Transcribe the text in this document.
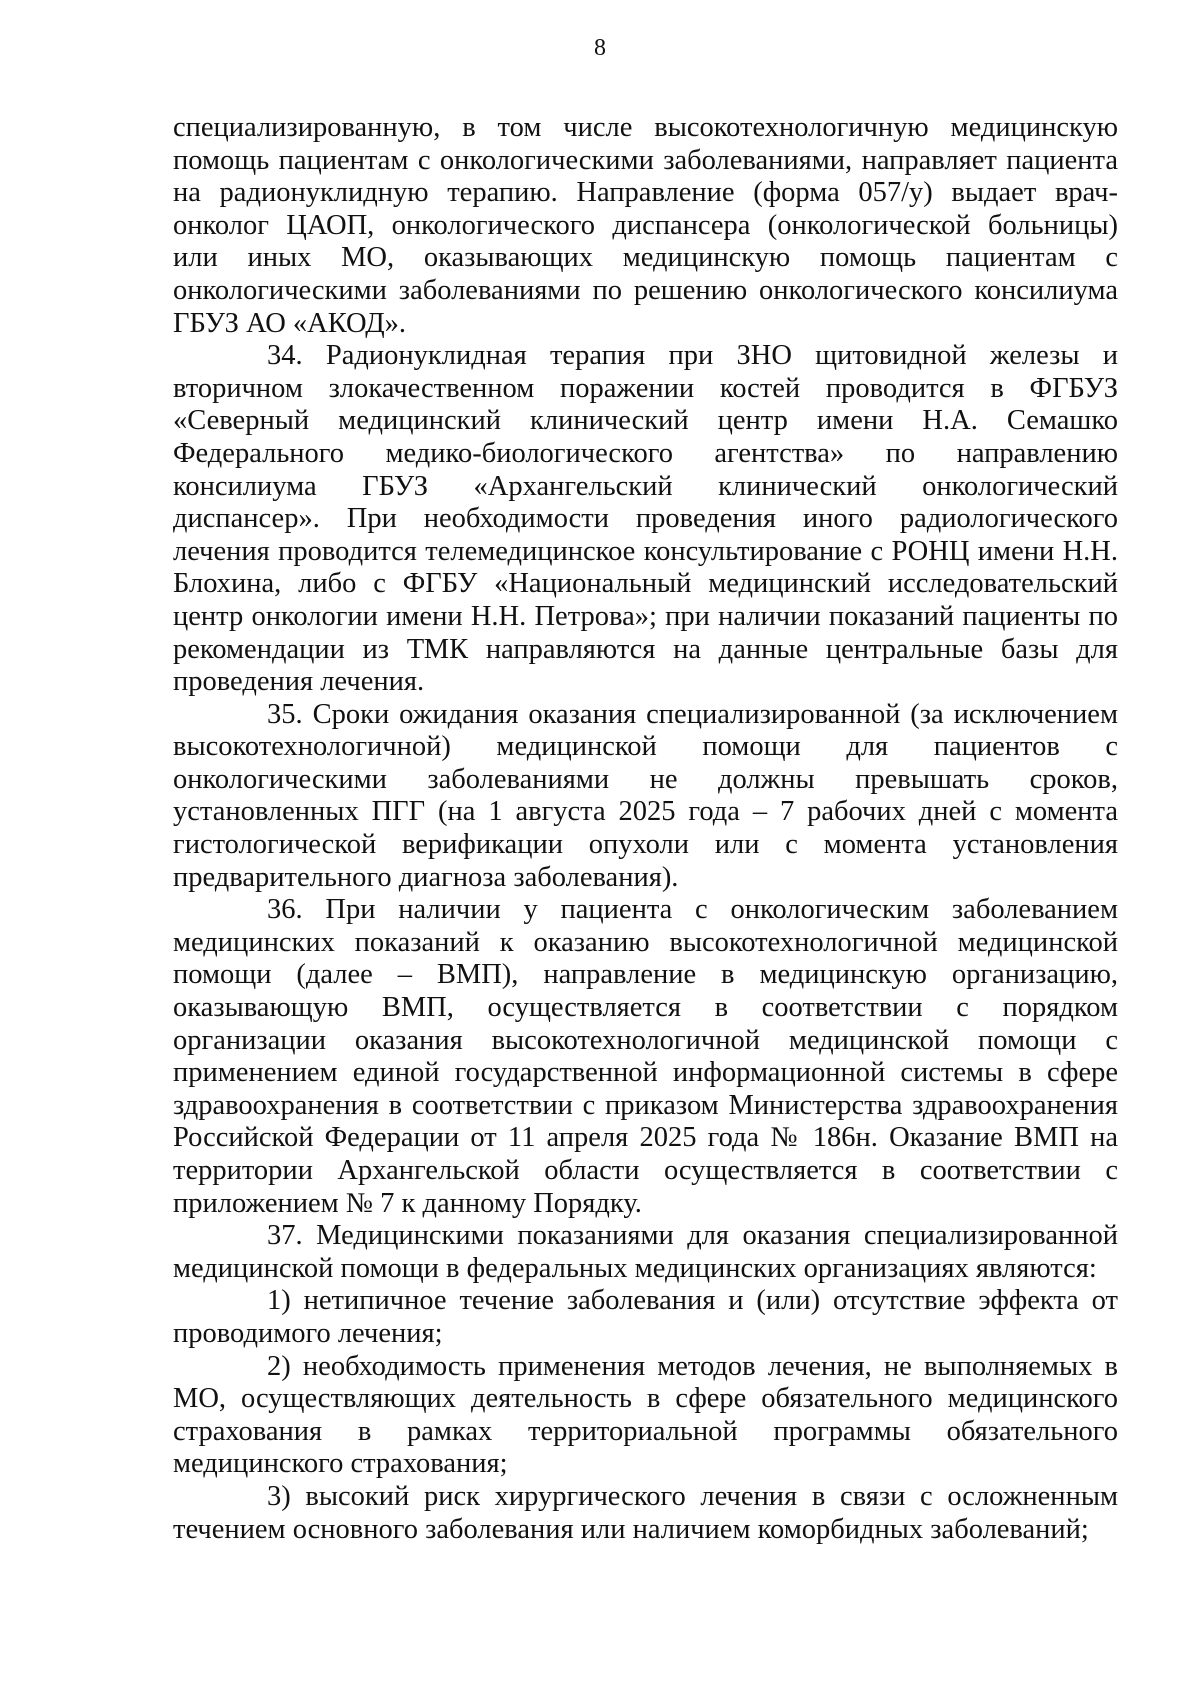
8

специализированную, в том числе высокотехнологичную медицинскую помощь пациентам с онкологическими заболеваниями, направляет пациента на радионуклидную терапию. Направление (форма 057/у) выдает врач-онколог ЦАОП, онкологического диспансера (онкологической больницы) или иных МО, оказывающих медицинскую помощь пациентам с онкологическими заболеваниями по решению онкологического консилиума ГБУЗ АО «АКОД».

34. Радионуклидная терапия при ЗНО щитовидной железы и вторичном злокачественном поражении костей проводится в ФГБУЗ «Северный медицинский клинический центр имени Н.А. Семашко Федерального медико-биологического агентства» по направлению консилиума ГБУЗ «Архангельский клинический онкологический диспансер». При необходимости проведения иного радиологического лечения проводится телемедицинское консультирование с РОНЦ имени Н.Н. Блохина, либо с ФГБУ «Национальный медицинский исследовательский центр онкологии имени Н.Н. Петрова»; при наличии показаний пациенты по рекомендации из ТМК направляются на данные центральные базы для проведения лечения.

35. Сроки ожидания оказания специализированной (за исключением высокотехнологичной) медицинской помощи для пациентов с онкологическими заболеваниями не должны превышать сроков, установленных ПГГ (на 1 августа 2025 года – 7 рабочих дней с момента гистологической верификации опухоли или с момента установления предварительного диагноза заболевания).

36. При наличии у пациента с онкологическим заболеванием медицинских показаний к оказанию высокотехнологичной медицинской помощи (далее – ВМП), направление в медицинскую организацию, оказывающую ВМП, осуществляется в соответствии с порядком организации оказания высокотехнологичной медицинской помощи с применением единой государственной информационной системы в сфере здравоохранения в соответствии с приказом Министерства здравоохранения Российской Федерации от 11 апреля 2025 года № 186н. Оказание ВМП на территории Архангельской области осуществляется в соответствии с приложением № 7 к данному Порядку.

37. Медицинскими показаниями для оказания специализированной медицинской помощи в федеральных медицинских организациях являются:

1) нетипичное течение заболевания и (или) отсутствие эффекта от проводимого лечения;

2) необходимость применения методов лечения, не выполняемых в МО, осуществляющих деятельность в сфере обязательного медицинского страхования в рамках территориальной программы обязательного медицинского страхования;

3) высокий риск хирургического лечения в связи с осложненным течением основного заболевания или наличием коморбидных заболеваний;
